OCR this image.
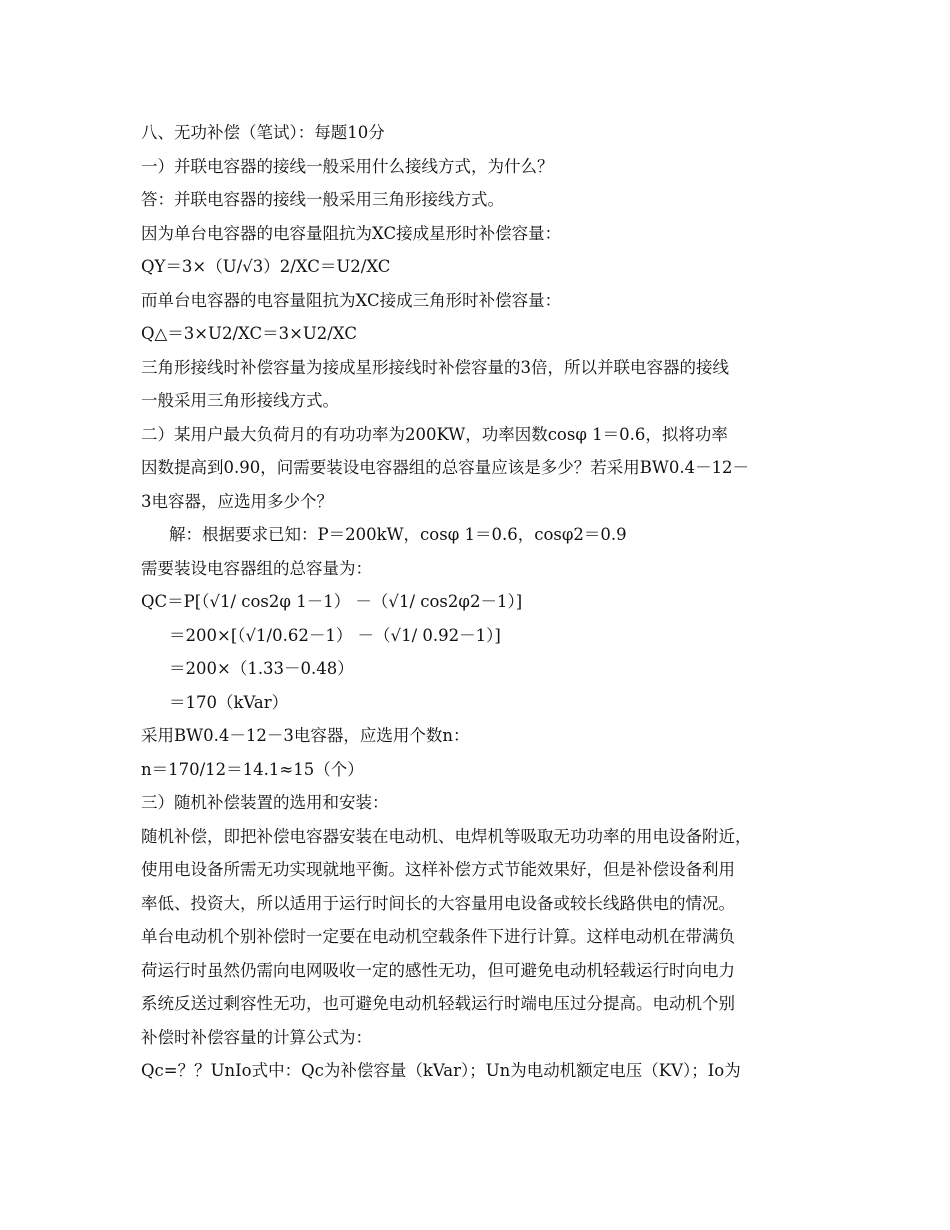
八、无功补偿（笔试）：每题10分
一）并联电容器的接线一般采用什么接线方式，为什么？
答：并联电容器的接线一般采用三角形接线方式。
因为单台电容器的电容量阻抗为XC接成星形时补偿容量：
QY＝3×（U/√3）2/XC＝U2/XC
而单台电容器的电容量阻抗为XC接成三角形时补偿容量：
Q△＝3×U2/XC＝3×U2/XC
三角形接线时补偿容量为接成星形接线时补偿容量的3倍，所以并联电容器的接线
一般采用三角形接线方式。
二）某用户最大负荷月的有功功率为200KW，功率因数cosφ 1＝0.6，拟将功率
因数提高到0.90，问需要装设电容器组的总容量应该是多少？若采用BW0.4－12－
3电容器，应选用多少个？
解：根据要求已知：P＝200kW，cosφ 1＝0.6，cosφ2＝0.9
需要装设电容器组的总容量为：
QC＝P[（√1/ cos2φ 1－1） －（√1/ cos2φ2－1）]
＝200×[（√1/0.62－1） －（√1/ 0.92－1）]
＝200×（1.33－0.48）
＝170（kVar）
采用BW0.4－12－3电容器，应选用个数n：
n＝170/12＝14.1≈15（个）
三）随机补偿装置的选用和安装：
随机补偿，即把补偿电容器安装在电动机、电焊机等吸取无功功率的用电设备附近，
使用电设备所需无功实现就地平衡。这样补偿方式节能效果好，但是补偿设备利用
率低、投资大，所以适用于运行时间长的大容量用电设备或较长线路供电的情况。
单台电动机个别补偿时一定要在电动机空载条件下进行计算。这样电动机在带满负
荷运行时虽然仍需向电网吸收一定的感性无功，但可避免电动机轻载运行时向电力
系统反送过剩容性无功，也可避免电动机轻载运行时端电压过分提高。电动机个别
补偿时补偿容量的计算公式为：
Qc=？？UnIo式中：Qc为补偿容量（kVar）；Un为电动机额定电压（KV）；Io为
